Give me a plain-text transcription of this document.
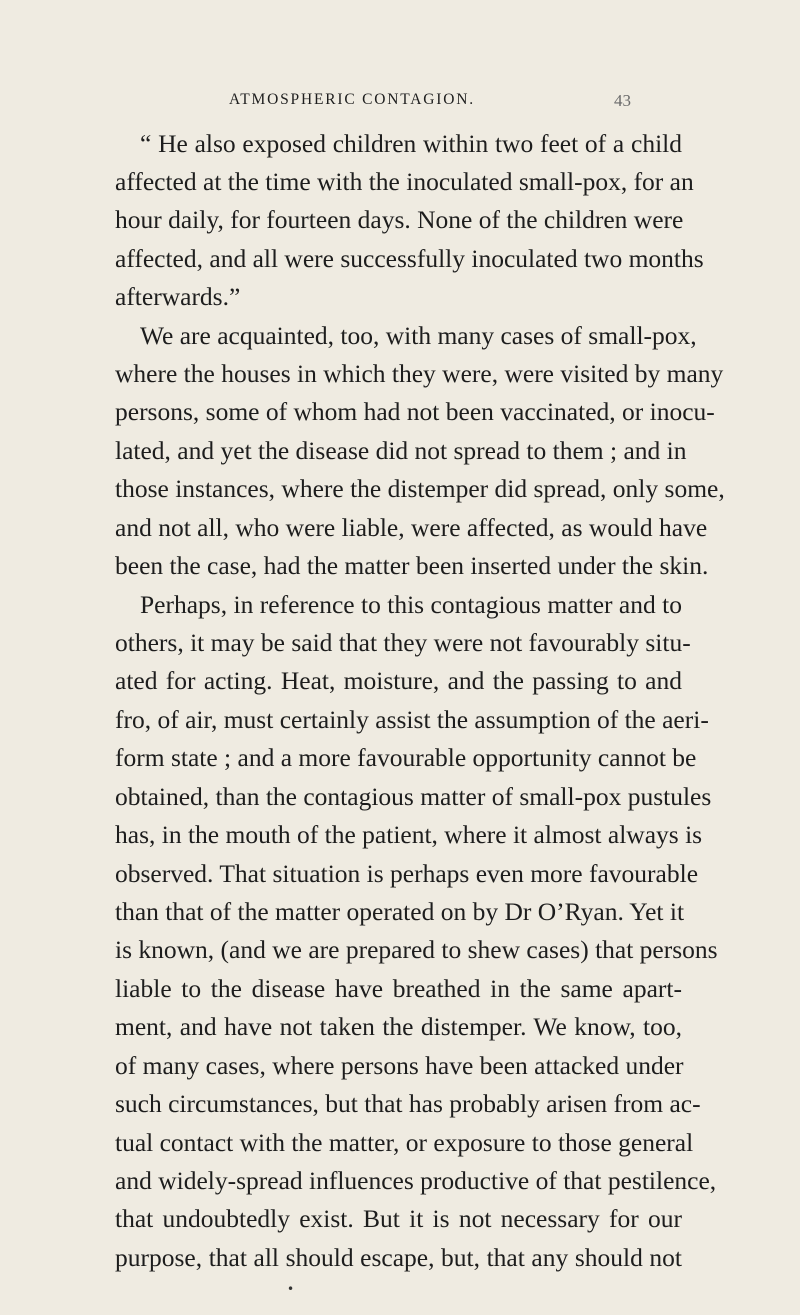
ATMOSPHERIC CONTAGION.	43
“ He also exposed children within two feet of a child
affected at the time with the inoculated small-pox, for an
hour daily, for fourteen days. None of the children were
affected, and all were successfully inoculated two months
afterwards.”
We are acquainted, too, with many cases of small-pox,
where the houses in which they were, were visited by many
persons, some of whom had not been vaccinated, or inocu-
lated, and yet the disease did not spread to them ; and in
those instances, where the distemper did spread, only some,
and not all, who were liable, were affected, as would have
been the case, had the matter been inserted under the skin.
Perhaps, in reference to this contagious matter and to
others, it may be said that they were not favourably situ-
ated for acting. Heat, moisture, and the passing to and
fro, of air, must certainly assist the assumption of the aeri-
form state ; and a more favourable opportunity cannot be
obtained, than the contagious matter of small-pox pustules
has, in the mouth of the patient, where it almost always is
observed. That situation is perhaps even more favourable
than that of the matter operated on by Dr O’Ryan. Yet it
is known, (and we are prepared to shew cases) that persons
liable to the disease have breathed in the same apart-
ment, and have not taken the distemper. We know, too,
of many cases, where persons have been attacked under
such circumstances, but that has probably arisen from ac-
tual contact with the matter, or exposure to those general
and widely-spread influences productive of that pestilence,
that undoubtedly exist. But it is not necessary for our
purpose, that all should escape, but, that any should not
•
